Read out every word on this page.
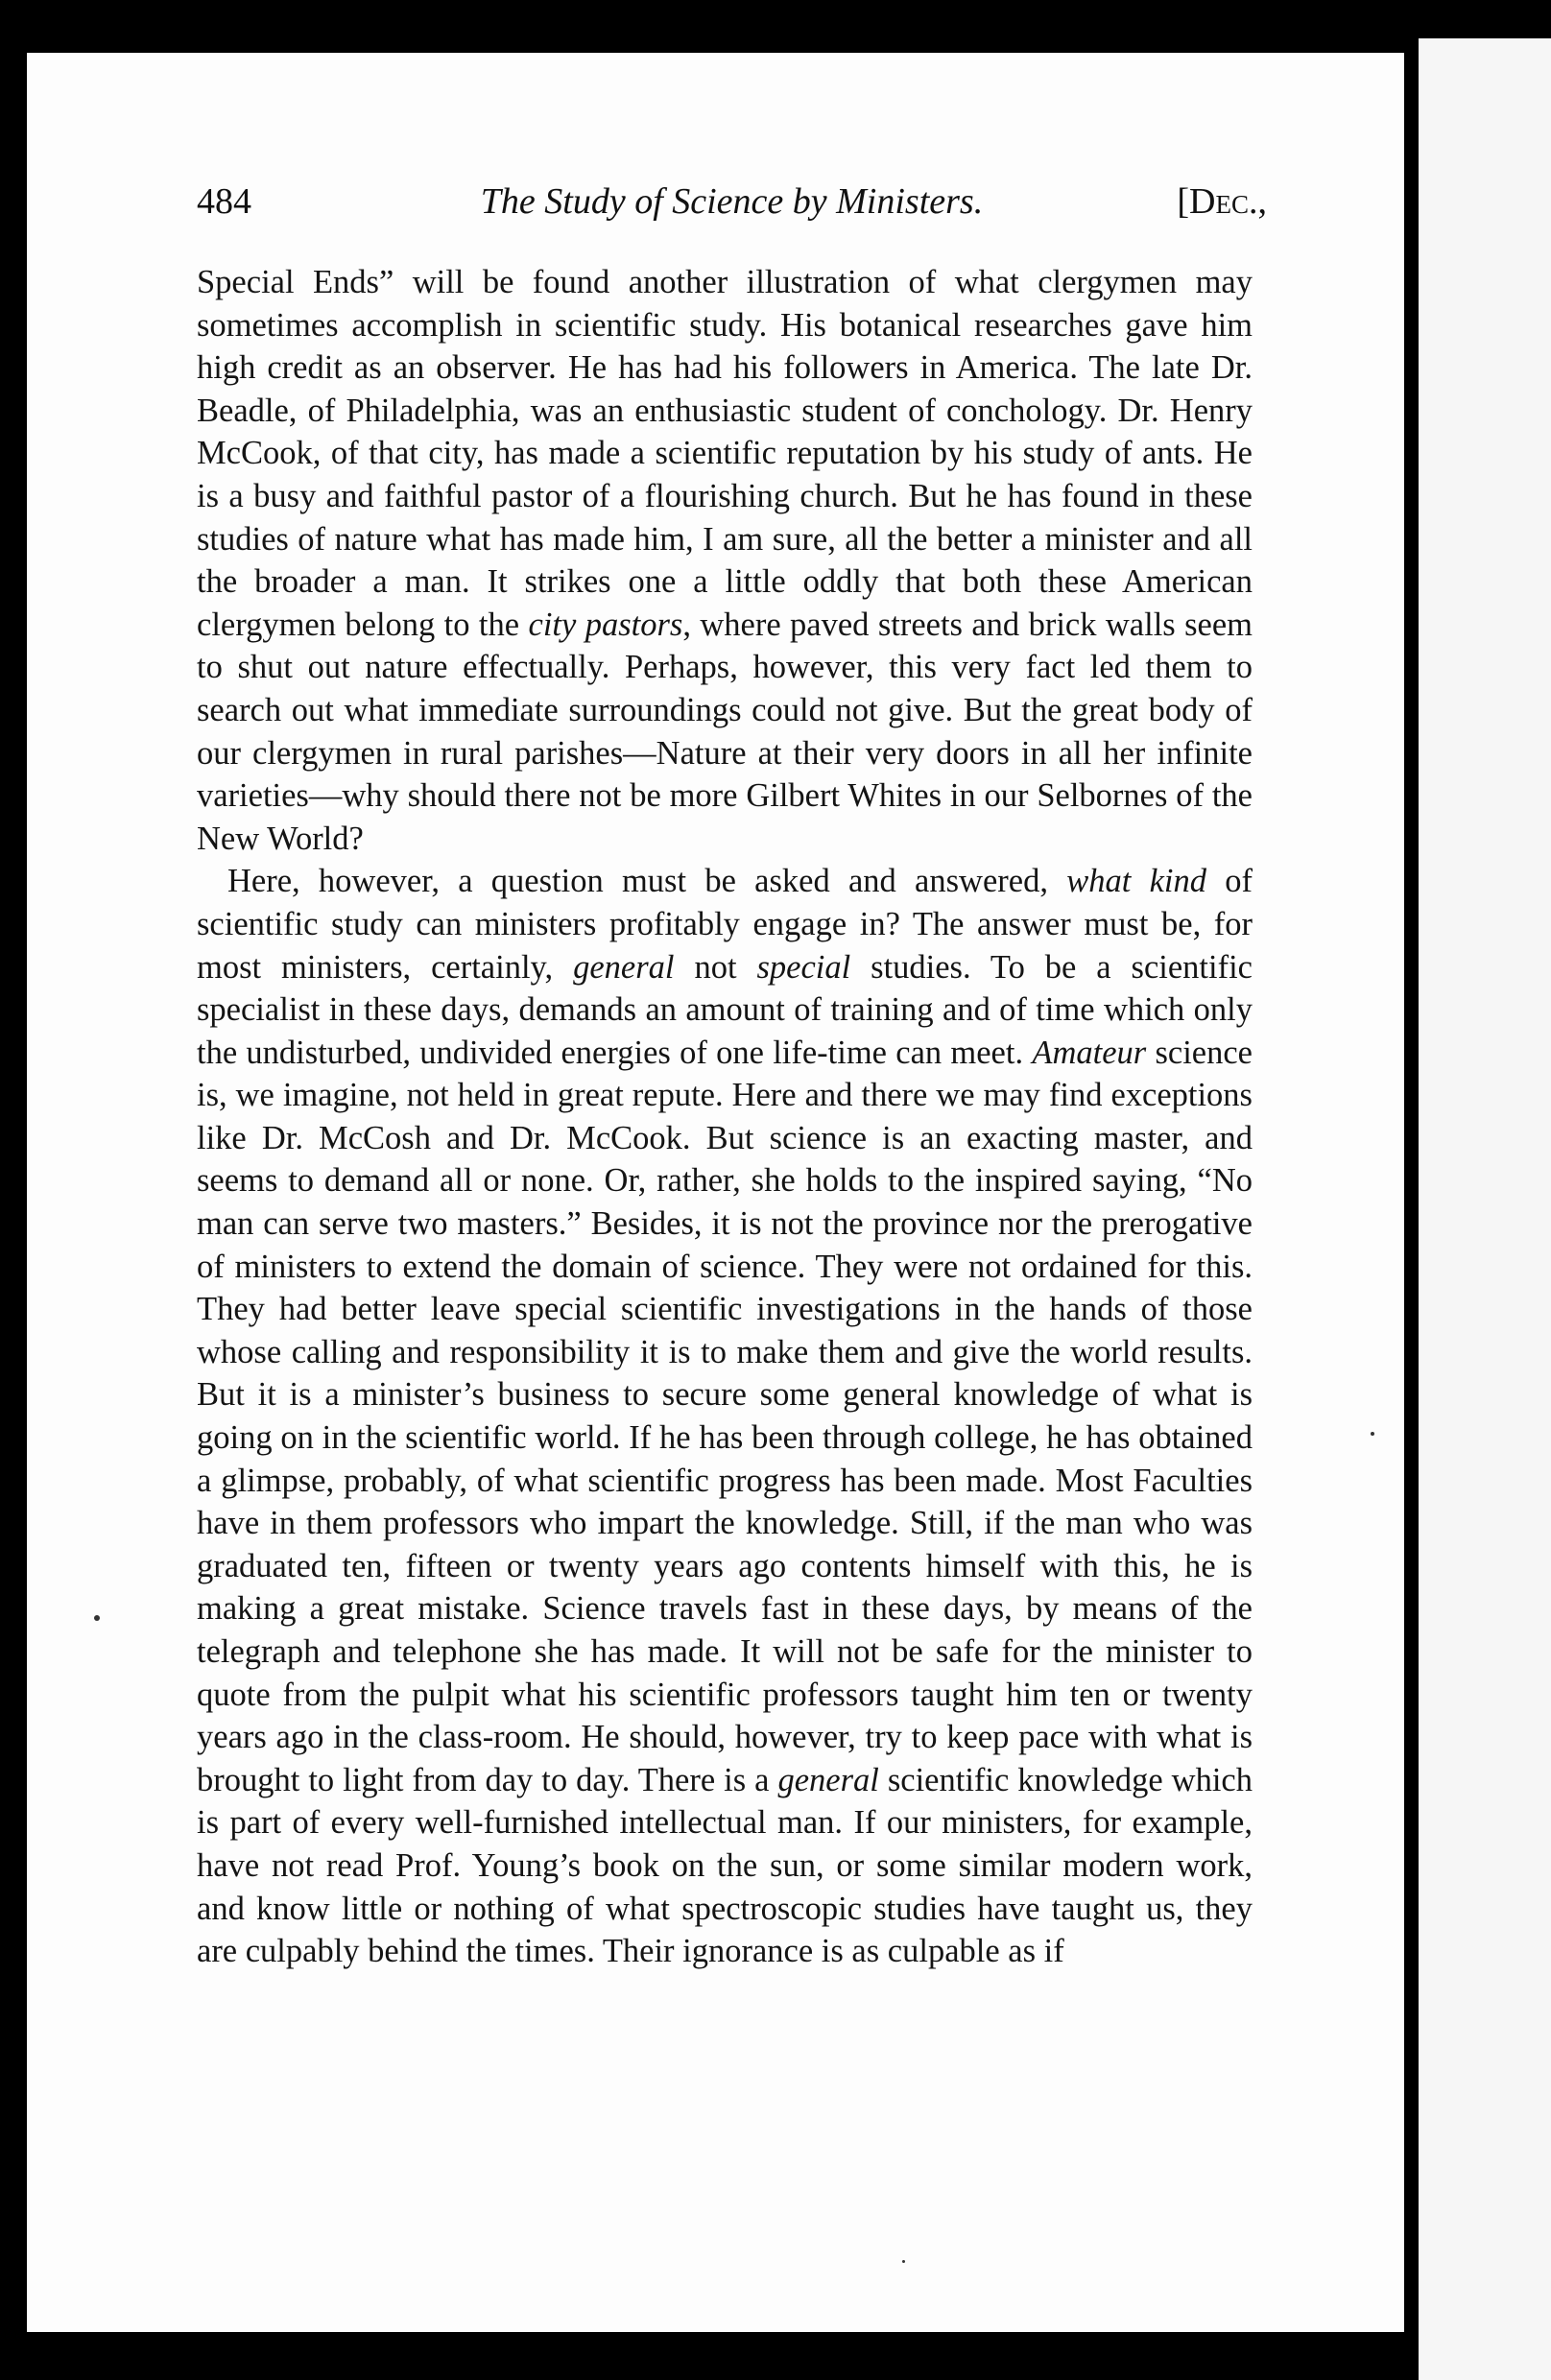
484	The Study of Science by Ministers.	[Dec.,

Special Ends” will be found another illustration of what clergymen may sometimes accomplish in scientific study. His botanical researches gave him high credit as an observer. He has had his followers in America. The late Dr. Beadle, of Philadelphia, was an enthusiastic student of conchology. Dr. Henry McCook, of that city, has made a scientific reputation by his study of ants. He is a busy and faithful pastor of a flourishing church. But he has found in these studies of nature what has made him, I am sure, all the better a minister and all the broader a man. It strikes one a little oddly that both these American clergymen belong to the city pastors, where paved streets and brick walls seem to shut out nature effectually. Perhaps, however, this very fact led them to search out what immediate surroundings could not give. But the great body of our clergymen in rural parishes—Nature at their very doors in all her infinite varieties—why should there not be more Gilbert Whites in our Selbornes of the New World?

Here, however, a question must be asked and answered, what kind of scientific study can ministers profitably engage in? The answer must be, for most ministers, certainly, general not special studies. To be a scientific specialist in these days, demands an amount of training and of time which only the undisturbed, undivided energies of one life-time can meet. Amateur science is, we imagine, not held in great repute. Here and there we may find exceptions like Dr. McCosh and Dr. McCook. But science is an exacting master, and seems to demand all or none. Or, rather, she holds to the inspired saying, “No man can serve two masters.” Besides, it is not the province nor the prerogative of ministers to extend the domain of science. They were not ordained for this. They had better leave special scientific investigations in the hands of those whose calling and responsibility it is to make them and give the world results. But it is a minister’s business to secure some general knowledge of what is going on in the scientific world. If he has been through college, he has obtained a glimpse, probably, of what scientific progress has been made. Most Faculties have in them professors who impart the knowledge. Still, if the man who was graduated ten, fifteen or twenty years ago contents himself with this, he is making a great mistake. Science travels fast in these days, by means of the telegraph and telephone she has made. It will not be safe for the minister to quote from the pulpit what his scientific professors taught him ten or twenty years ago in the class-room. He should, however, try to keep pace with what is brought to light from day to day. There is a general scientific knowledge which is part of every well-furnished intellectual man. If our ministers, for example, have not read Prof. Young’s book on the sun, or some similar modern work, and know little or nothing of what spectroscopic studies have taught us, they are culpably behind the times. Their ignorance is as culpable as if
